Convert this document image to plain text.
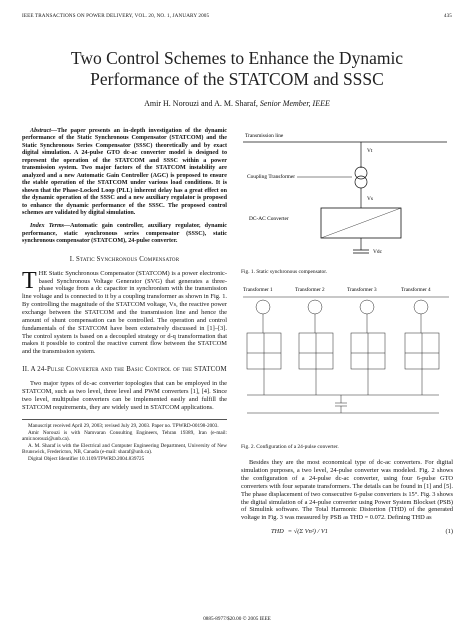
IEEE TRANSACTIONS ON POWER DELIVERY, VOL. 20, NO. 1, JANUARY 2005	435
Two Control Schemes to Enhance the Dynamic
Performance of the STATCOM and SSSC
Amir H. Norouzi and A. M. Sharaf, Senior Member, IEEE

Abstract—The paper presents an in-depth investigation of the dynamic performance of the Static Synchronous Compensator (STATCOM) and the Static Synchronous Series Compensator (SSSC) theoretically and by exact digital simulation. A 24-pulse GTO dc-ac converter model is designed to represent the operation of the STATCOM and SSSC within a power transmission system. Two major factors of the STATCOM instability are analyzed and a new Automatic Gain Controller (AGC) is proposed to ensure the stable operation of the STATCOM under various load conditions. It is shown that the Phase-Locked Loop (PLL) inherent delay has a great effect on the dynamic operation of the SSSC and a new auxiliary regulator is proposed to enhance the dynamic performance of the SSSC. The proposed control schemes are validated by digital simulation.

Index Terms—Automatic gain controller, auxiliary regulator, dynamic performance, static synchronous series compensator (SSSC), static synchronous compensator (STATCOM), 24-pulse converter.

I. Static Synchronous Compensator

THE Static Synchronous Compensator (STATCOM) is a power electronic-based Synchronous Voltage Generator (SVG) that generates a three-phase voltage from a dc capacitor in synchronism with the transmission line voltage and is connected to it by a coupling transformer as shown in Fig. 1. By controlling the magnitude of the STATCOM voltage, Vs, the reactive power exchange between the STATCOM and the transmission line and hence the amount of shunt compensation can be controlled. The operation and control fundamentals of the STATCOM have been extensively discussed in [1]–[3]. The control system is based on a decoupled strategy or d-q transformation that makes it possible to control the reactive current flow between the STATCOM and the transmission system.

II. A 24-Pulse Converter and the Basic Control of the STATCOM

Two major types of dc-ac converter topologies that can be employed in the STATCOM, such as two level, three level and PWM converters [1], [4]. Since two level, multipulse converters can be implemented easily and fulfill the STATCOM requirements, they are widely used in STATCOM applications.

Manuscript received April 29, 2003; revised July 29, 2003. Paper no. TPWRD-00198-2003.

Amir Norouzi is with Namvaran Consulting Engineers, Tehran 19389, Iran (e-mail: amir.norouzi@unb.ca).

A. M. Sharaf is with the Electrical and Computer Engineering Department, University of New Brunswick, Fredericton, NB, Canada (e-mail: sharaf@unb.ca).

Digital Object Identifier 10.1109/TPWRD.2004.839725

Transmission line
Vt
Coupling Transformer
Vs
DC-AC Converter
Vdc
Fig. 1. Static synchronous compensator.
Transformer 1	Transformer 2	Transformer 3	Transformer 4
Fig. 2. Configuration of a 24-pulse converter.

Besides they are the most economical type of dc-ac converters. For digital simulation purposes, a two level, 24-pulse converter was modeled. Fig. 2 shows the configuration of a 24-pulse dc-ac converter, using four 6-pulse GTO converters with four separate transformers. The details can be found in [1] and [5]. The phase displacement of two consecutive 6-pulse converters is 15°. Fig. 3 shows the digital simulation of a 24-pulse converter using Power System Blockset (PSB) of Simulink software. The Total Harmonic Distortion (THD) of the generated voltage in Fig. 3 was measured by PSB as THD = 0.072. Defining THD as

THD = √(Σ Vn²) / V1	(1)
0885-8977/$20.00 © 2005 IEEE
